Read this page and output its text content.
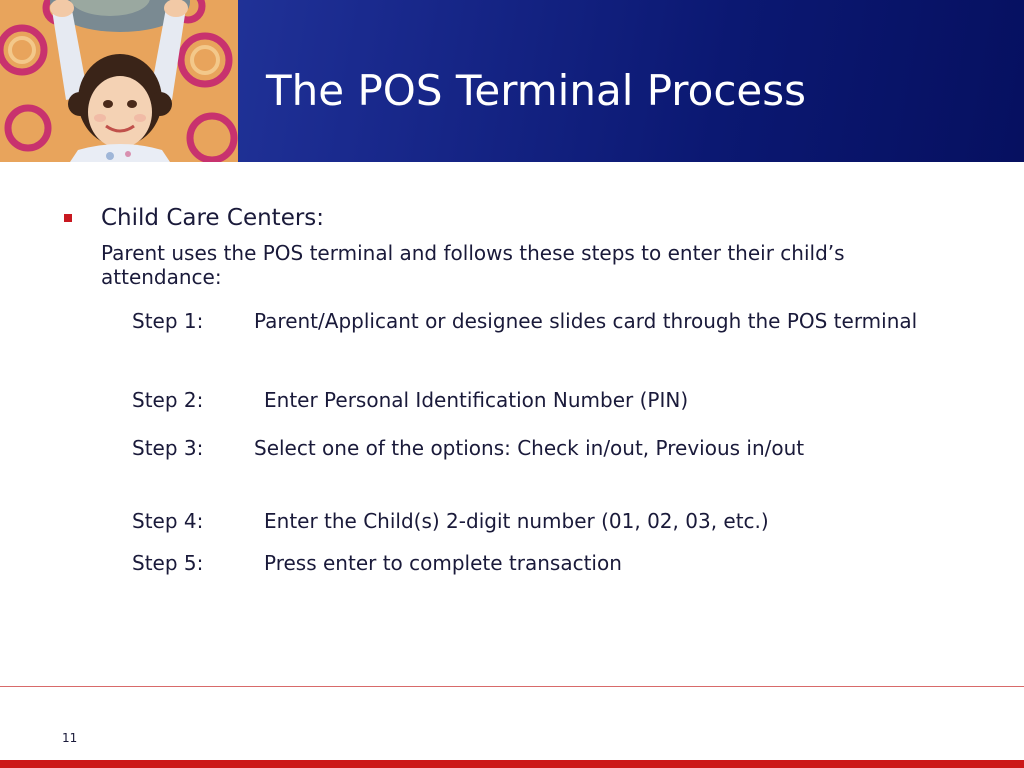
The POS Terminal Process
Child Care Centers:
Parent uses the POS terminal and follows these steps to enter their child’s attendance:
Step 1:	Parent/Applicant or designee slides card through the POS terminal
Step 2:	Enter Personal Identification Number (PIN)
Step 3:	Select one of the options: Check in/out, Previous in/out
Step 4:	Enter the Child(s) 2-digit number (01, 02, 03, etc.)
Step 5:	Press enter to complete transaction
11
